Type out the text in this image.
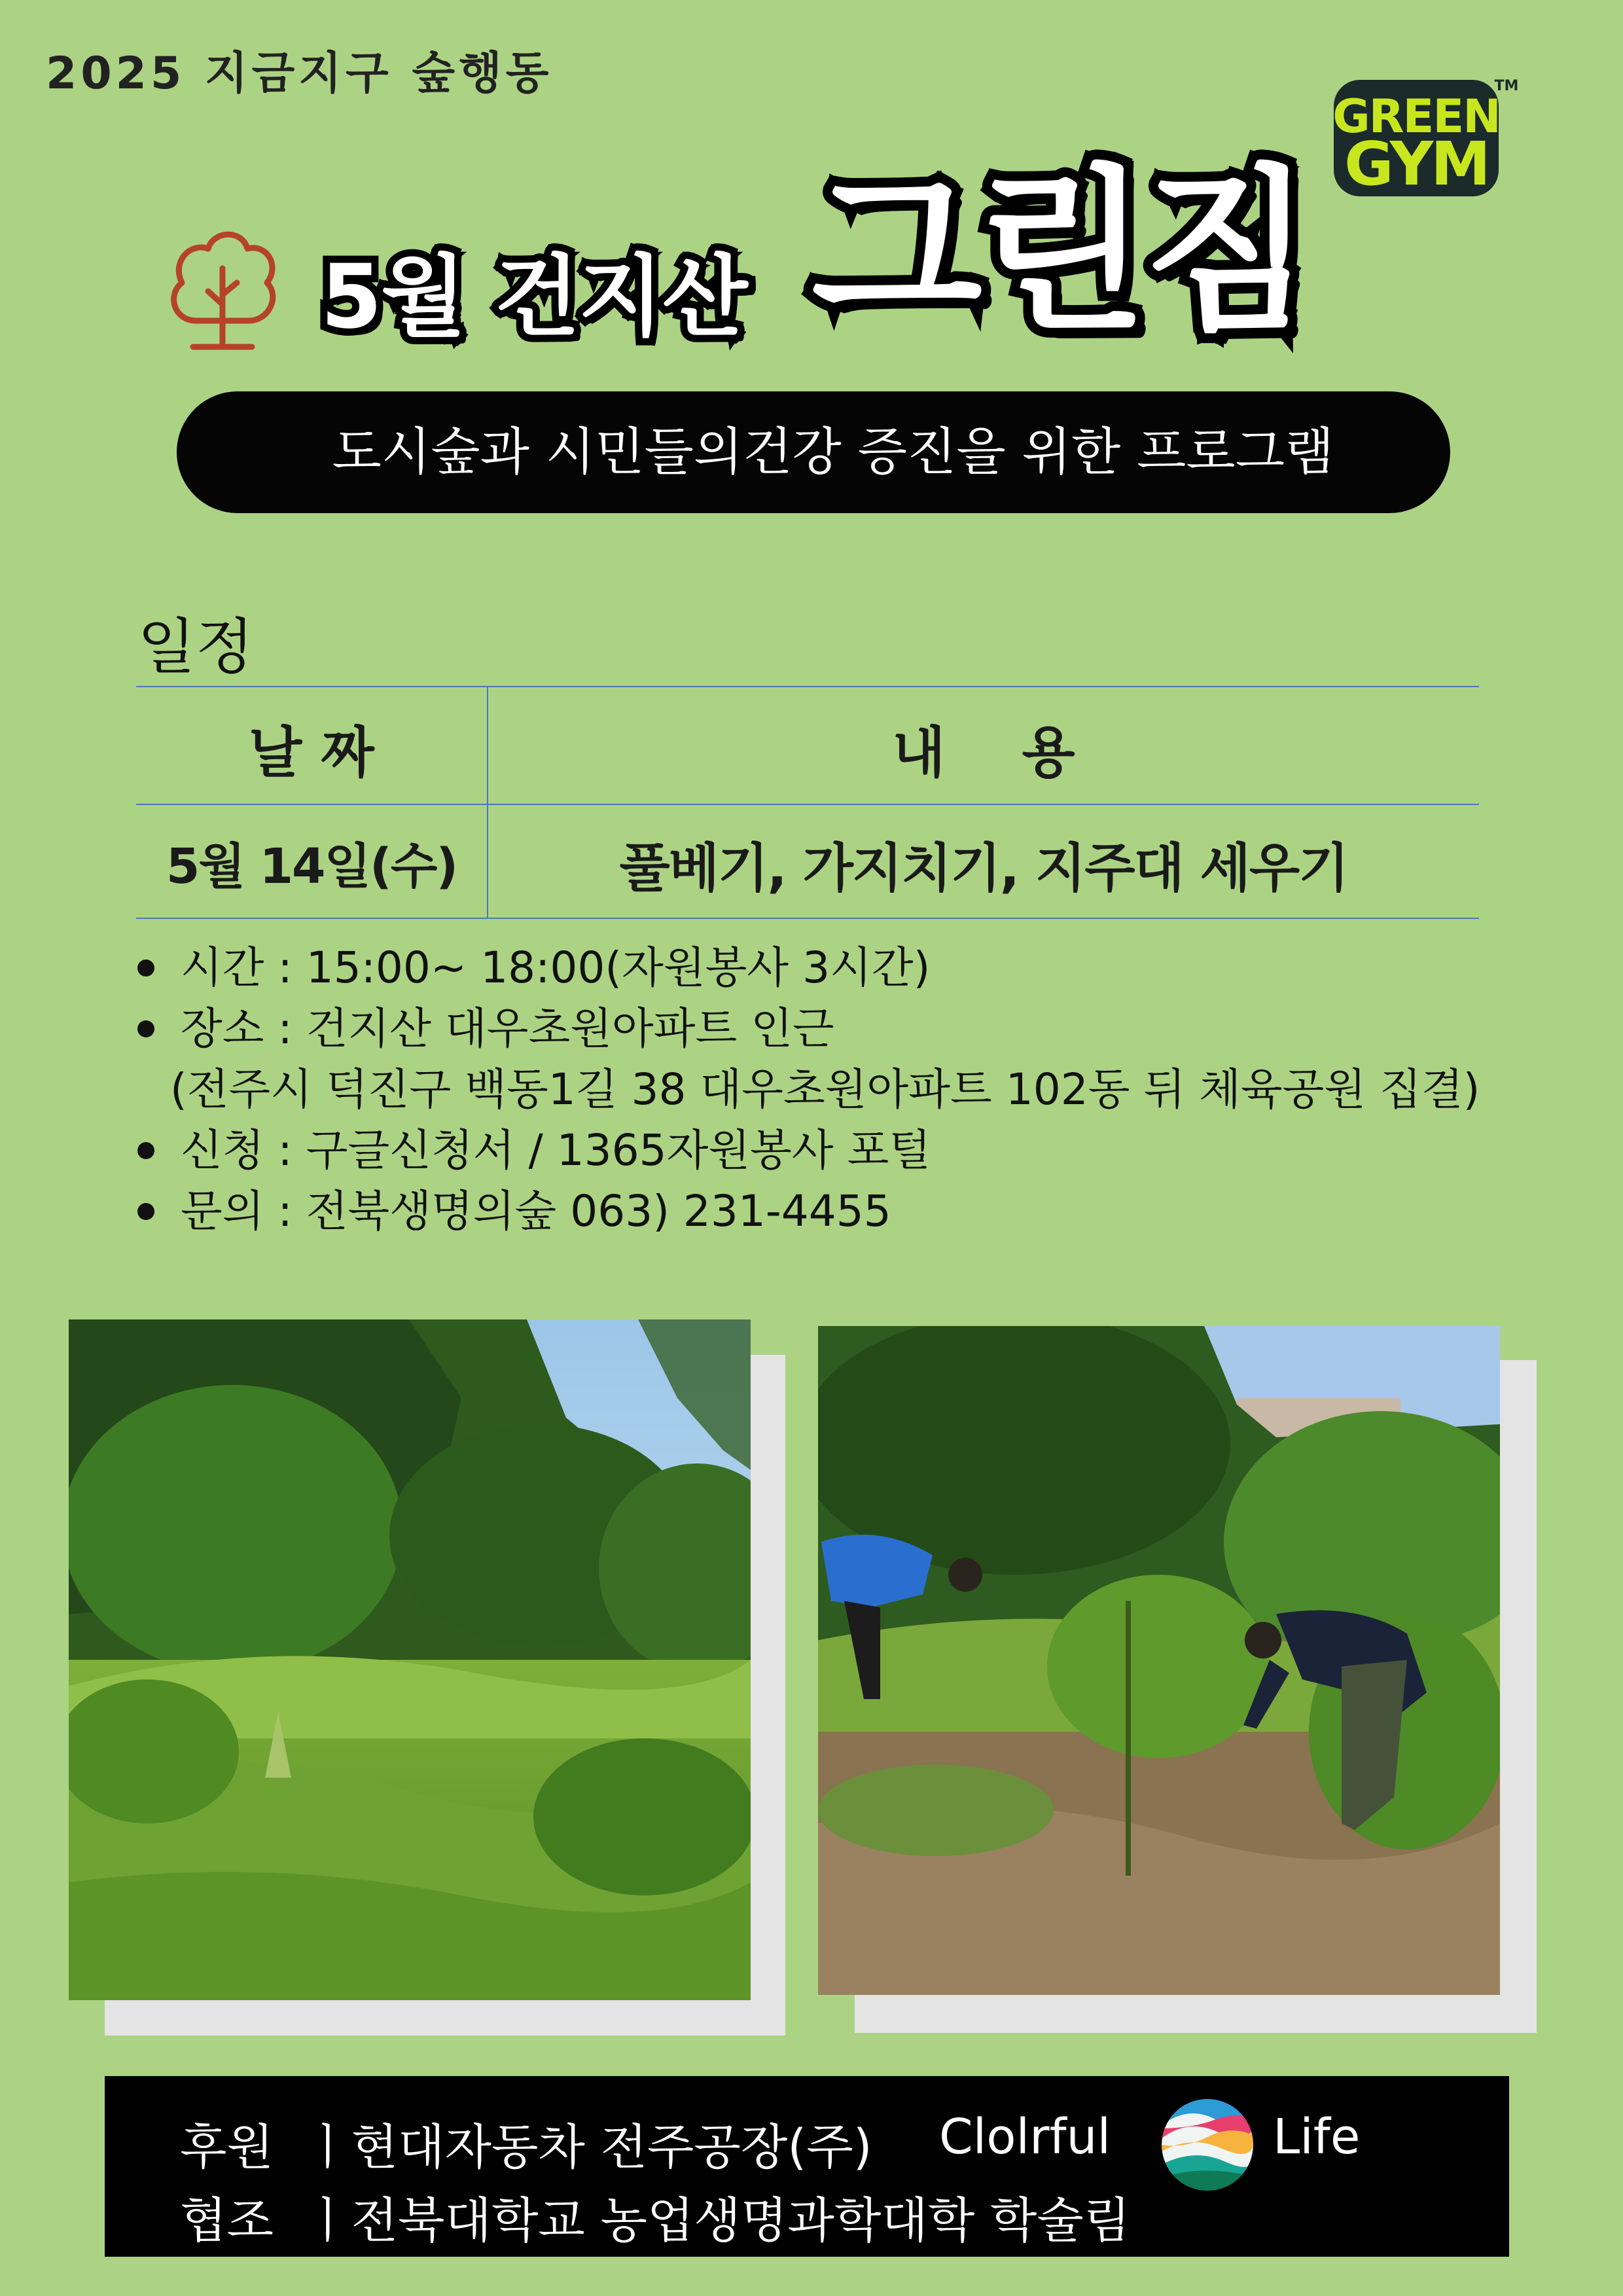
2025 지금지구 숲행동
GREEN
GYM
TM
5월 건지산 그린짐
도시숲과 시민들의건강 증진을 위한 프로그램
일정
날 짜	내    용
5월 14일(수)	풀베기, 가지치기, 지주대 세우기
시간 : 15:00~ 18:00(자원봉사 3시간)
장소 : 건지산 대우초원아파트 인근
(전주시 덕진구 백동1길 38 대우초원아파트 102동 뒤 체육공원 집결)
신청 : 구글신청서 / 1365자원봉사 포털
문의 : 전북생명의숲 063) 231-4455
후원  ㅣ현대자동차 전주공장(주) Clolrful	Life
협조  ㅣ전북대학교 농업생명과학대학 학술림
